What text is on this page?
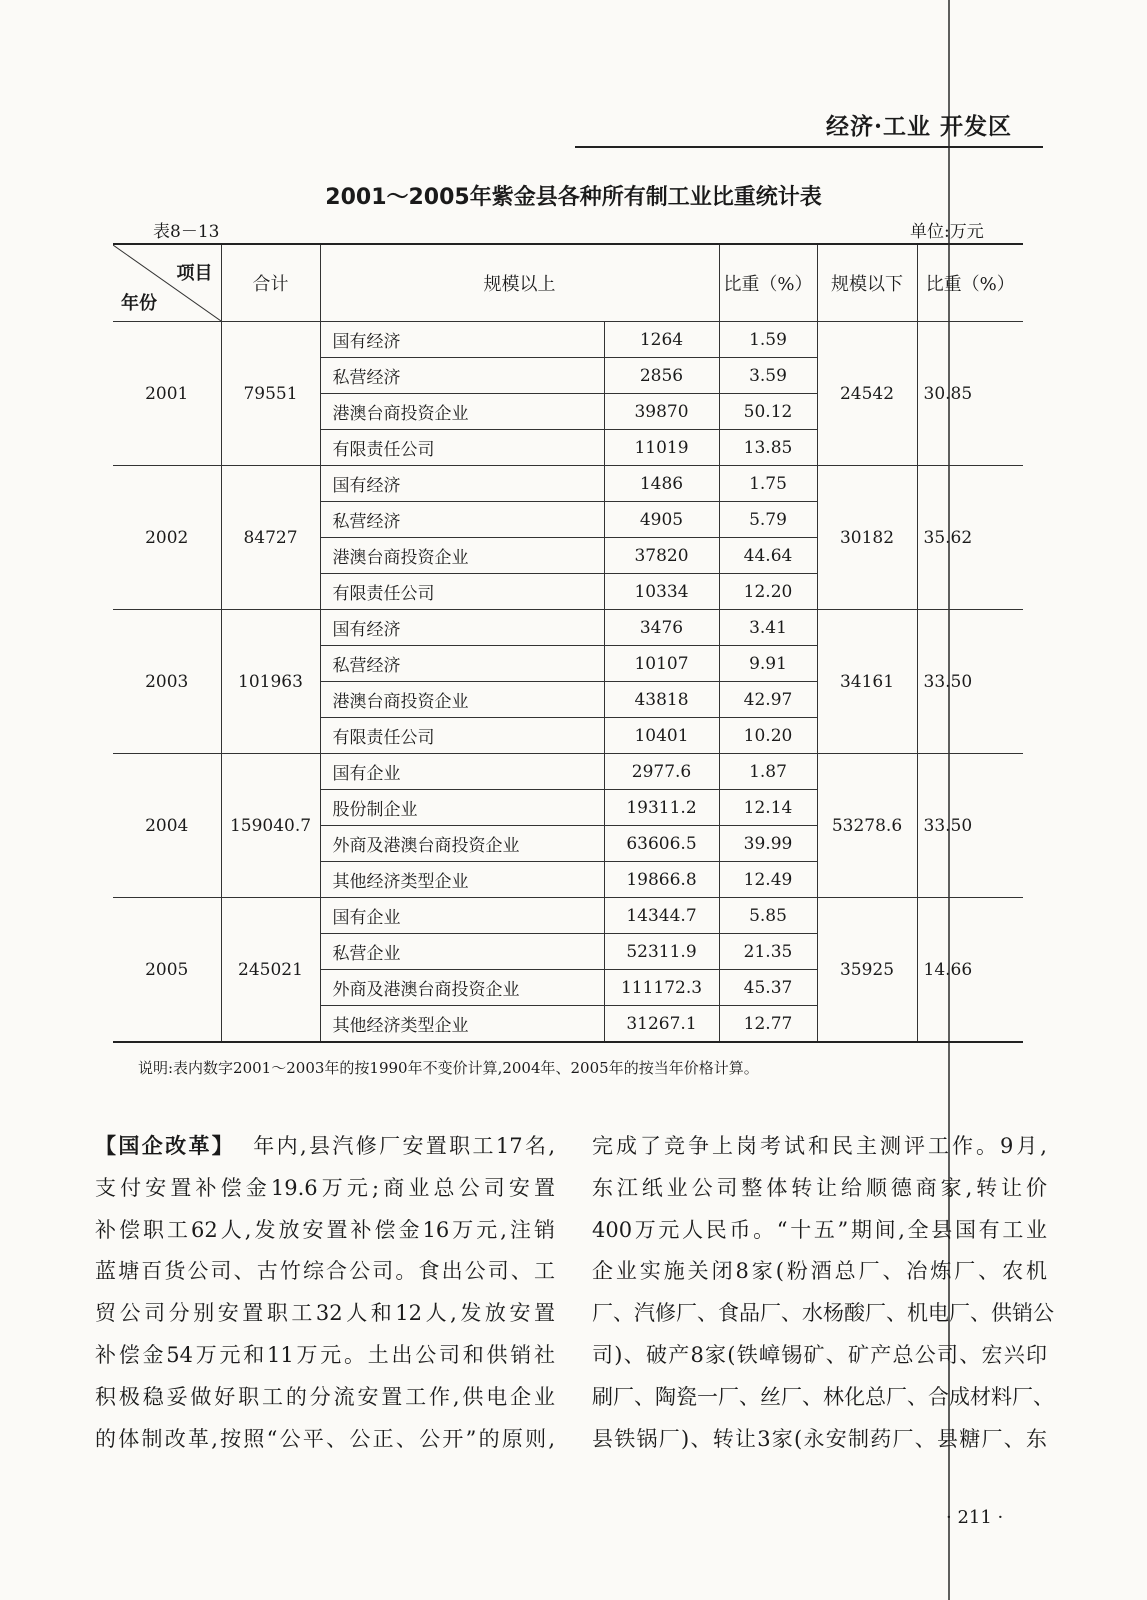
经济·工业 开发区
2001～2005年紫金县各种所有制工业比重统计表
表8－13	单位:万元
项目
年份	合计	规模以上		比重（%）	规模以下	比重（%）
2001	79551	国有经济	1264	1.59	24542	30.85
		私营经济	2856	3.59		
		港澳台商投资企业	39870	50.12		
		有限责任公司	11019	13.85		
2002	84727	国有经济	1486	1.75	30182	35.62
		私营经济	4905	5.79		
		港澳台商投资企业	37820	44.64		
		有限责任公司	10334	12.20		
2003	101963	国有经济	3476	3.41	34161	33.50
		私营经济	10107	9.91		
		港澳台商投资企业	43818	42.97		
		有限责任公司	10401	10.20		
2004	159040.7	国有企业	2977.6	1.87	53278.6	33.50
		股份制企业	19311.2	12.14		
		外商及港澳台商投资企业	63606.5	39.99		
		其他经济类型企业	19866.8	12.49		
2005	245021	国有企业	14344.7	5.85	35925	14.66
		私营企业	52311.9	21.35		
		外商及港澳台商投资企业	111172.3	45.37		
		其他经济类型企业	31267.1	12.77		
说明:表内数字2001～2003年的按1990年不变价计算,2004年、2005年的按当年价格计算。
【国企改革】 年内,县汽修厂安置职工17名,
支付安置补偿金19.6万元;商业总公司安置
补偿职工62人,发放安置补偿金16万元,注销
蓝塘百货公司、古竹综合公司。食出公司、工
贸公司分别安置职工32人和12人,发放安置
补偿金54万元和11万元。土出公司和供销社
积极稳妥做好职工的分流安置工作,供电企业
的体制改革,按照“公平、公正、公开”的原则,
完成了竞争上岗考试和民主测评工作。9月,
东江纸业公司整体转让给顺德商家,转让价
400万元人民币。“十五”期间,全县国有工业
企业实施关闭8家(粉酒总厂、冶炼厂、农机
厂、汽修厂、食品厂、水杨酸厂、机电厂、供销公
司)、破产8家(铁嶂锡矿、矿产总公司、宏兴印
刷厂、陶瓷一厂、丝厂、林化总厂、合成材料厂、
县铁锅厂)、转让3家(永安制药厂、县糖厂、东
· 211 ·
